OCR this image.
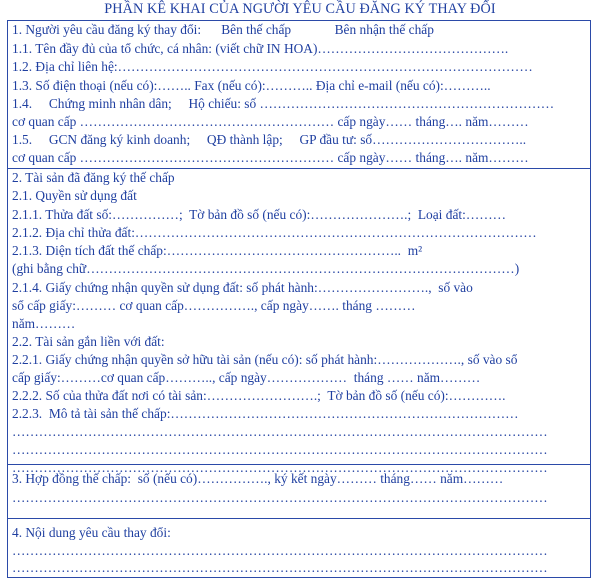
PHẦN KÊ KHAI CỦA NGƯỜI YÊU CẦU ĐĂNG KÝ THAY ĐỔI
1. Người yêu cầu đăng ký thay đổi:      Bên thế chấp             Bên nhận thế chấp
1.1. Tên đầy đủ của tổ chức, cá nhân: (viết chữ IN HOA)…………………………………….
1.2. Địa chỉ liên hệ:…………………………………………………………………………………
1.3. Số điện thoại (nếu có):…….. Fax (nếu có):……….. Địa chỉ e-mail (nếu có):………..
1.4.     Chứng minh nhân dân;     Hộ chiếu: số …………………………………………………………
cơ quan cấp ………………………………………………… cấp ngày…… tháng…. năm………
1.5.     GCN đăng ký kinh doanh;     QĐ thành lập;     GP đầu tư: số……………………………..
cơ quan cấp ………………………………………………… cấp ngày…… tháng…. năm………
2. Tài sản đã đăng ký thế chấp
2.1. Quyền sử dụng đất
2.1.1. Thửa đất số:……………;  Tờ bản đồ số (nếu có):………………….;  Loại đất:………
2.1.2. Địa chỉ thửa đất:………………………………………………………………………………
2.1.3. Diện tích đất thế chấp:……………………………………………..  m²
(ghi bằng chữ……………………………………………………………………………………)
2.1.4. Giấy chứng nhận quyền sử dụng đất: số phát hành:…………………….,  số vào
sổ cấp giấy:……… cơ quan cấp……………., cấp ngày……. tháng ………
năm………
2.2. Tài sản gắn liền với đất:
2.2.1. Giấy chứng nhận quyền sở hữu tài sản (nếu có): số phát hành:………………., số vào sổ
cấp giấy:………cơ quan cấp……….., cấp ngày………………  tháng …… năm………
2.2.2. Số của thửa đất nơi có tài sản:…………………….;  Tờ bản đồ số (nếu có):………….
2.2.3.  Mô tả tài sản thế chấp:……………………………………………………………………
…………………………………………………………………………………………………………
…………………………………………………………………………………………………………
…………………………………………………………………………………………………………
3. Hợp đồng thế chấp:  số (nếu có)……………., ký kết ngày……… tháng…… năm………
…………………………………………………………………………………………………………
4. Nội dung yêu cầu thay đổi:
…………………………………………………………………………………………………………
…………………………………………………………………………………………………………
